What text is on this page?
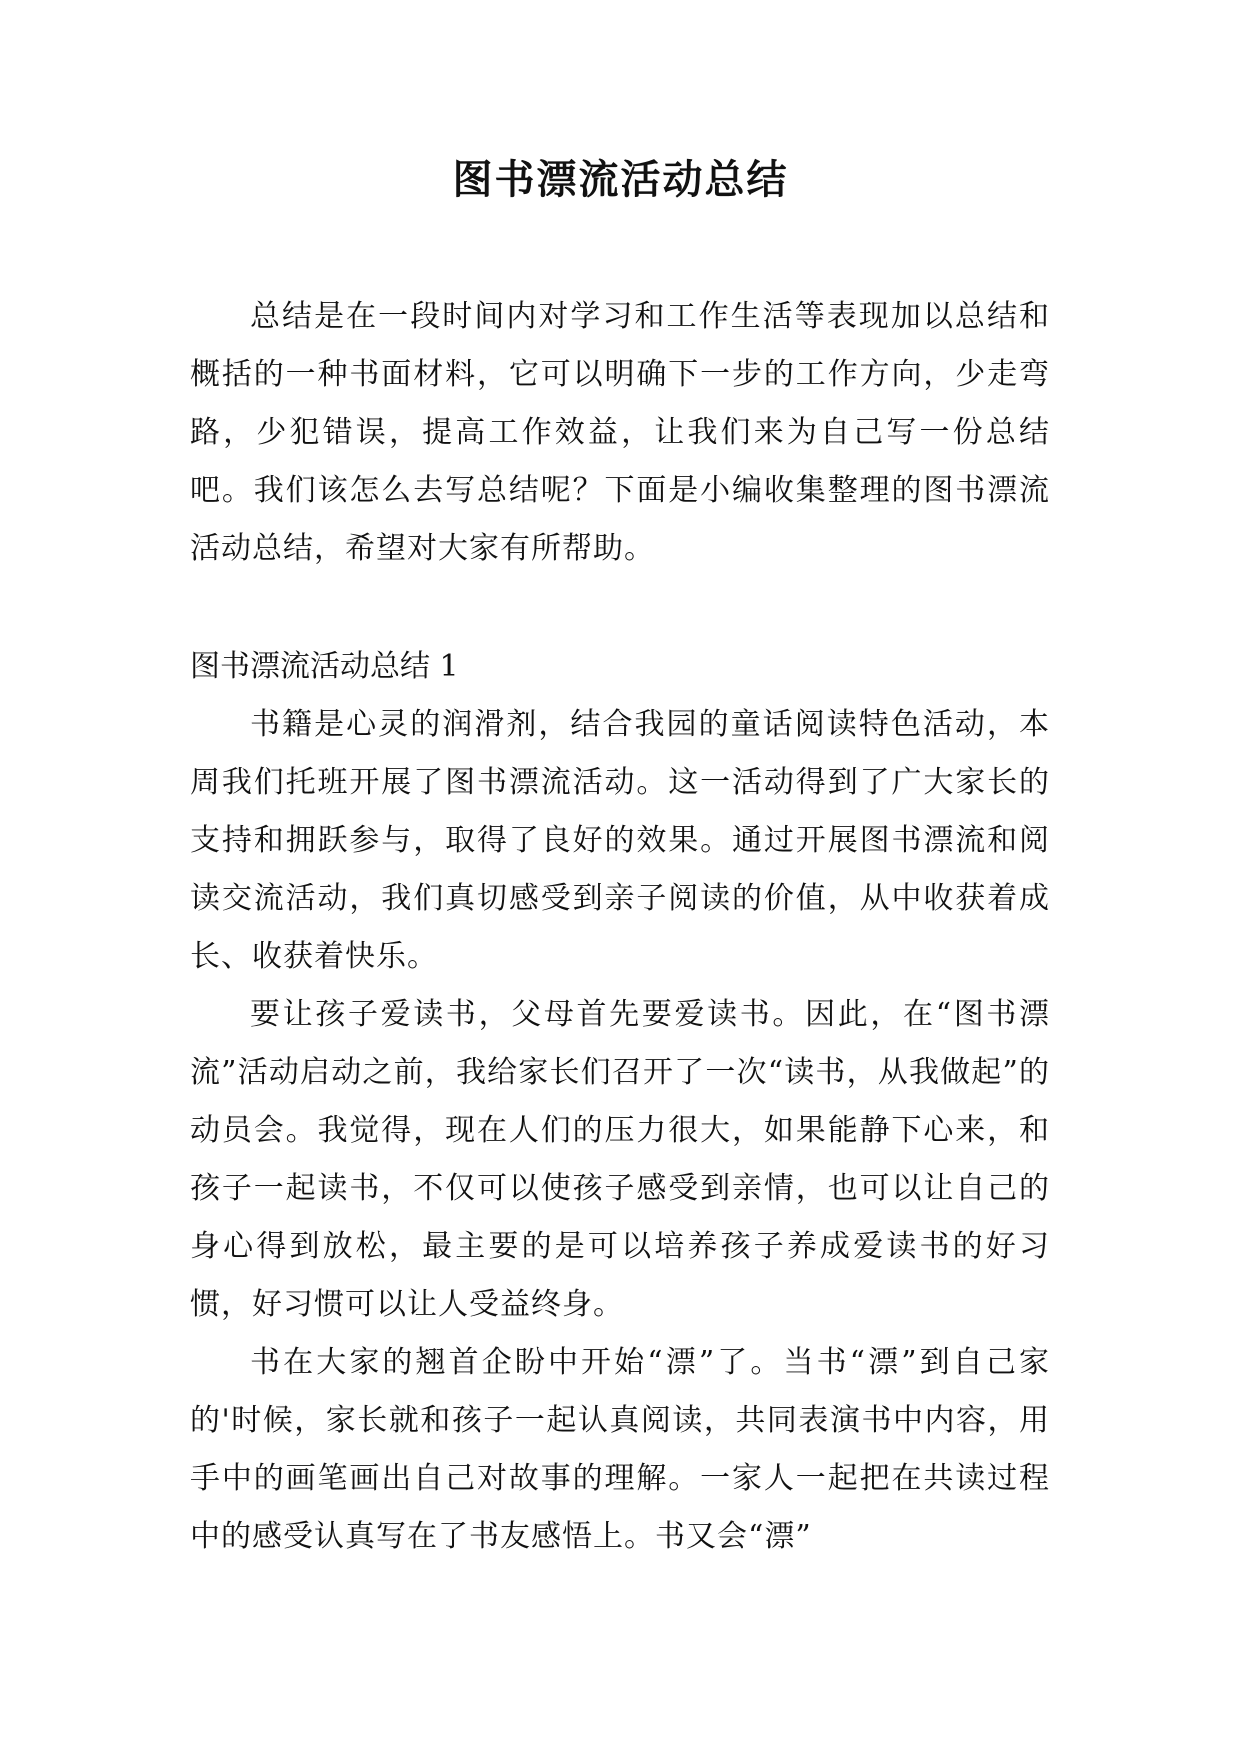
图书漂流活动总结

总结是在一段时间内对学习和工作生活等表现加以总结和概括的一种书面材料，它可以明确下一步的工作方向，少走弯路，少犯错误，提高工作效益，让我们来为自己写一份总结吧。我们该怎么去写总结呢？下面是小编收集整理的图书漂流活动总结，希望对大家有所帮助。

图书漂流活动总结 1

书籍是心灵的润滑剂，结合我园的童话阅读特色活动，本周我们托班开展了图书漂流活动。这一活动得到了广大家长的支持和拥跃参与，取得了良好的效果。通过开展图书漂流和阅读交流活动，我们真切感受到亲子阅读的价值，从中收获着成长、收获着快乐。

要让孩子爱读书，父母首先要爱读书。因此，在“图书漂流”活动启动之前，我给家长们召开了一次“读书，从我做起”的动员会。我觉得，现在人们的压力很大，如果能静下心来，和孩子一起读书，不仅可以使孩子感受到亲情，也可以让自己的身心得到放松，最主要的是可以培养孩子养成爱读书的好习惯，好习惯可以让人受益终身。

书在大家的翘首企盼中开始“漂”了。当书“漂”到自己家的'时候，家长就和孩子一起认真阅读，共同表演书中内容，用手中的画笔画出自己对故事的理解。一家人一起把在共读过程中的感受认真写在了书友感悟上。书又会“漂”
